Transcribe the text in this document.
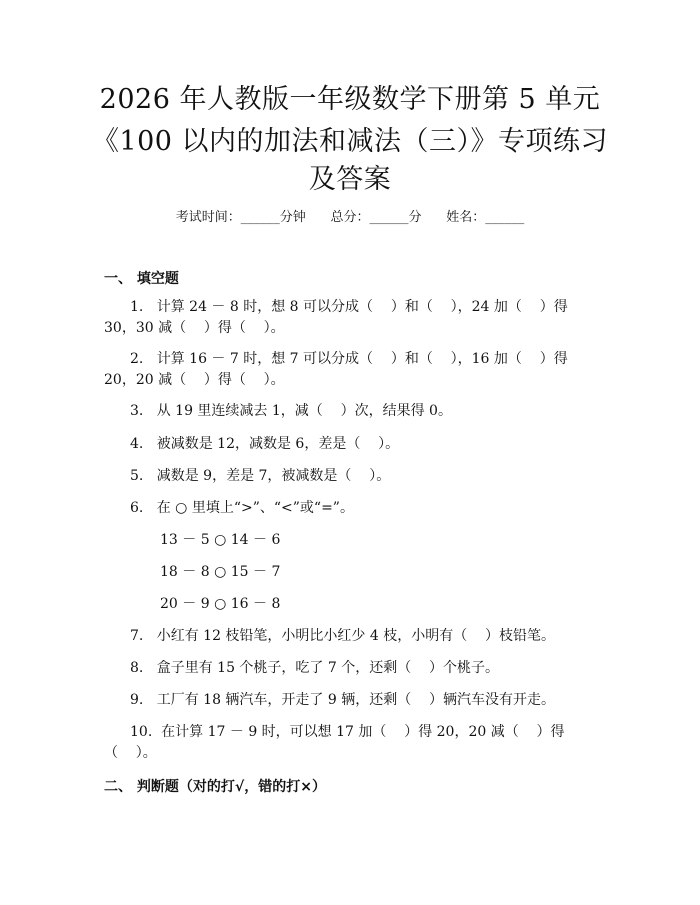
2026 年人教版一年级数学下册第 5 单元
《100 以内的加法和减法（三）》专项练习
及答案
考试时间：______分钟      总分：______分      姓名：______
一、 填空题
1.   计算 24 － 8 时，想 8 可以分成（    ）和（    ），24 加（    ）得
30，30 减（    ）得（    ）。
2.   计算 16 － 7 时，想 7 可以分成（    ）和（    ），16 加（    ）得
20，20 减（    ）得（    ）。
3.   从 19 里连续减去 1，减（    ）次，结果得 0。
4.   被减数是 12，减数是 6，差是（    ）。
5.   减数是 9，差是 7，被减数是（    ）。
6.   在 ○ 里填上“>”、“<”或“=”。
13 － 5 ○ 14 － 6
18 － 8 ○ 15 － 7
20 － 9 ○ 16 － 8
7.   小红有 12 枝铅笔，小明比小红少 4 枝，小明有（    ）枝铅笔。
8.   盒子里有 15 个桃子，吃了 7 个，还剩（    ）个桃子。
9.   工厂有 18 辆汽车，开走了 9 辆，还剩（    ）辆汽车没有开走。
10.  在计算 17 － 9 时，可以想 17 加（    ）得 20，20 减（    ）得
（    ）。
二、 判断题（对的打√，错的打×）
